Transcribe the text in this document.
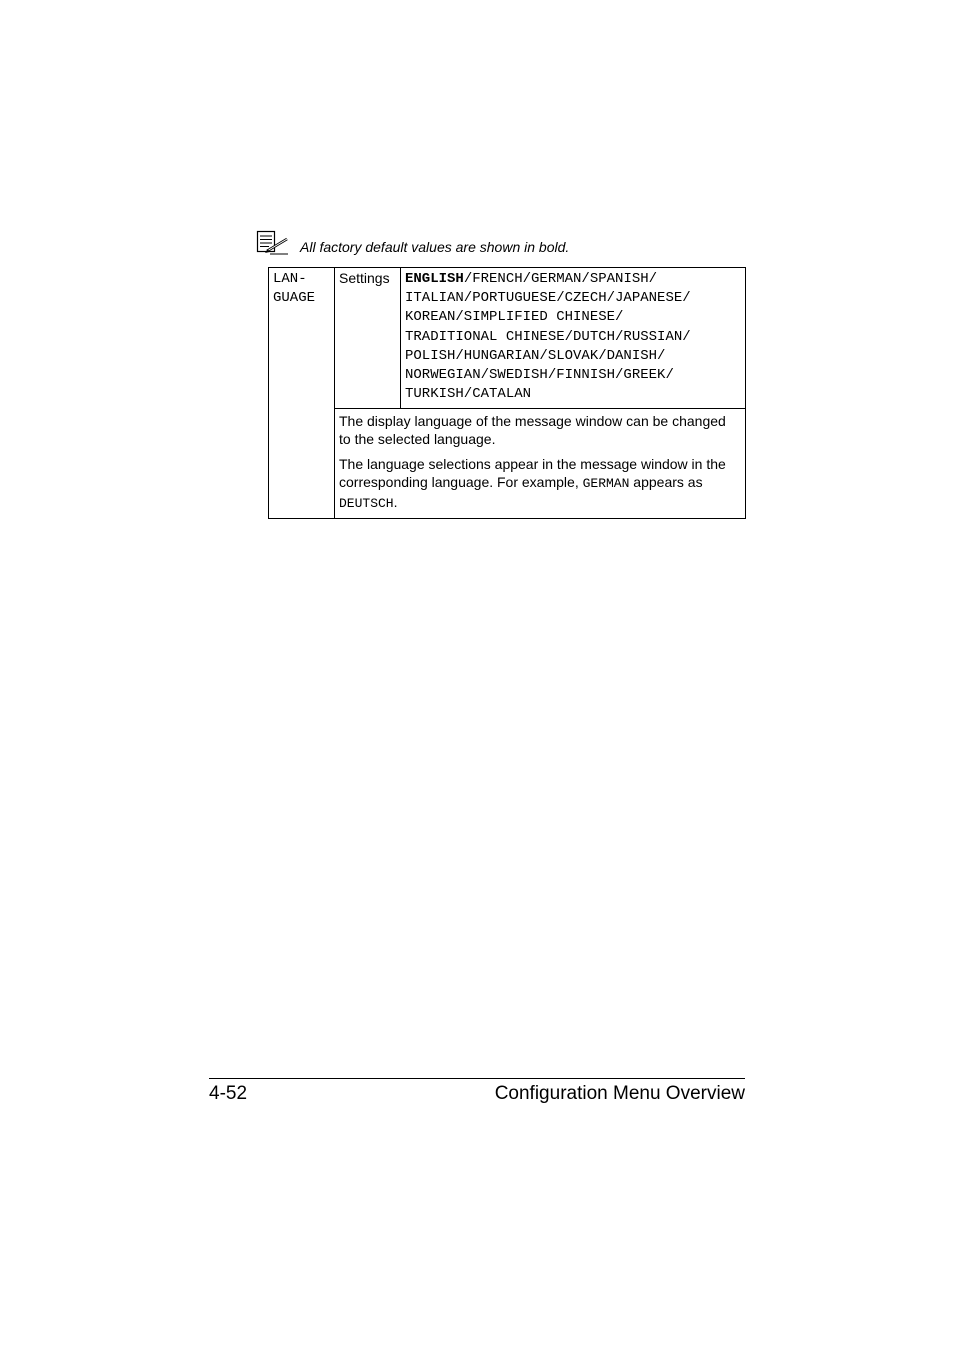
All factory default values are shown in bold.
LAN-
GUAGE
	Settings	ENGLISH/FRENCH/GERMAN/SPANISH/
ITALIAN/PORTUGUESE/CZECH/JAPANESE/
KOREAN/SIMPLIFIED CHINESE/
TRADITIONAL CHINESE/DUTCH/RUSSIAN/
POLISH/HUNGARIAN/SLOVAK/DANISH/
NORWEGIAN/SWEDISH/FINNISH/GREEK/
TURKISH/CATALAN

The display language of the message window can be changed to the selected language.

The language selections appear in the message window in the corresponding language. For example, GERMAN appears as DEUTSCH.

4-52	Configuration Menu Overview
